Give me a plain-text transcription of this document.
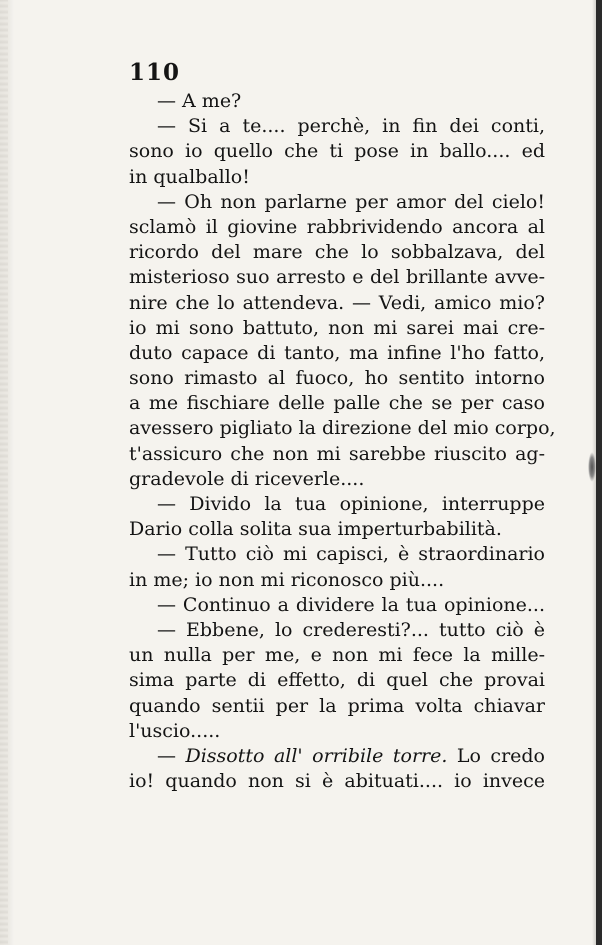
110
— A me?
— Si a te.... perchè, in fin dei conti,
sono io quello che ti pose in ballo.... ed
in qualballo!
— Oh non parlarne per amor del cielo!
sclamò il giovine rabbrividendo ancora al
ricordo del mare che lo sobbalzava, del
misterioso suo arresto e del brillante avve-
nire che lo attendeva. — Vedi, amico mio?
io mi sono battuto, non mi sarei mai cre-
duto capace di tanto, ma infine l'ho fatto,
sono rimasto al fuoco, ho sentito intorno
a me fischiare delle palle che se per caso
avessero pigliato la direzione del mio corpo,
t'assicuro che non mi sarebbe riuscito ag-
gradevole di riceverle....
— Divido la tua opinione, interruppe
Dario colla solita sua imperturbabilità.
— Tutto ciò mi capisci, è straordinario
in me; io non mi riconosco più....
— Continuo a dividere la tua opinione...
— Ebbene, lo crederesti?... tutto ciò è
un nulla per me, e non mi fece la mille-
sima parte di effetto, di quel che provai
quando sentii per la prima volta chiavar
l'uscio.....
— Dissotto all' orribile torre. Lo credo
io! quando non si è abituati.... io invece
